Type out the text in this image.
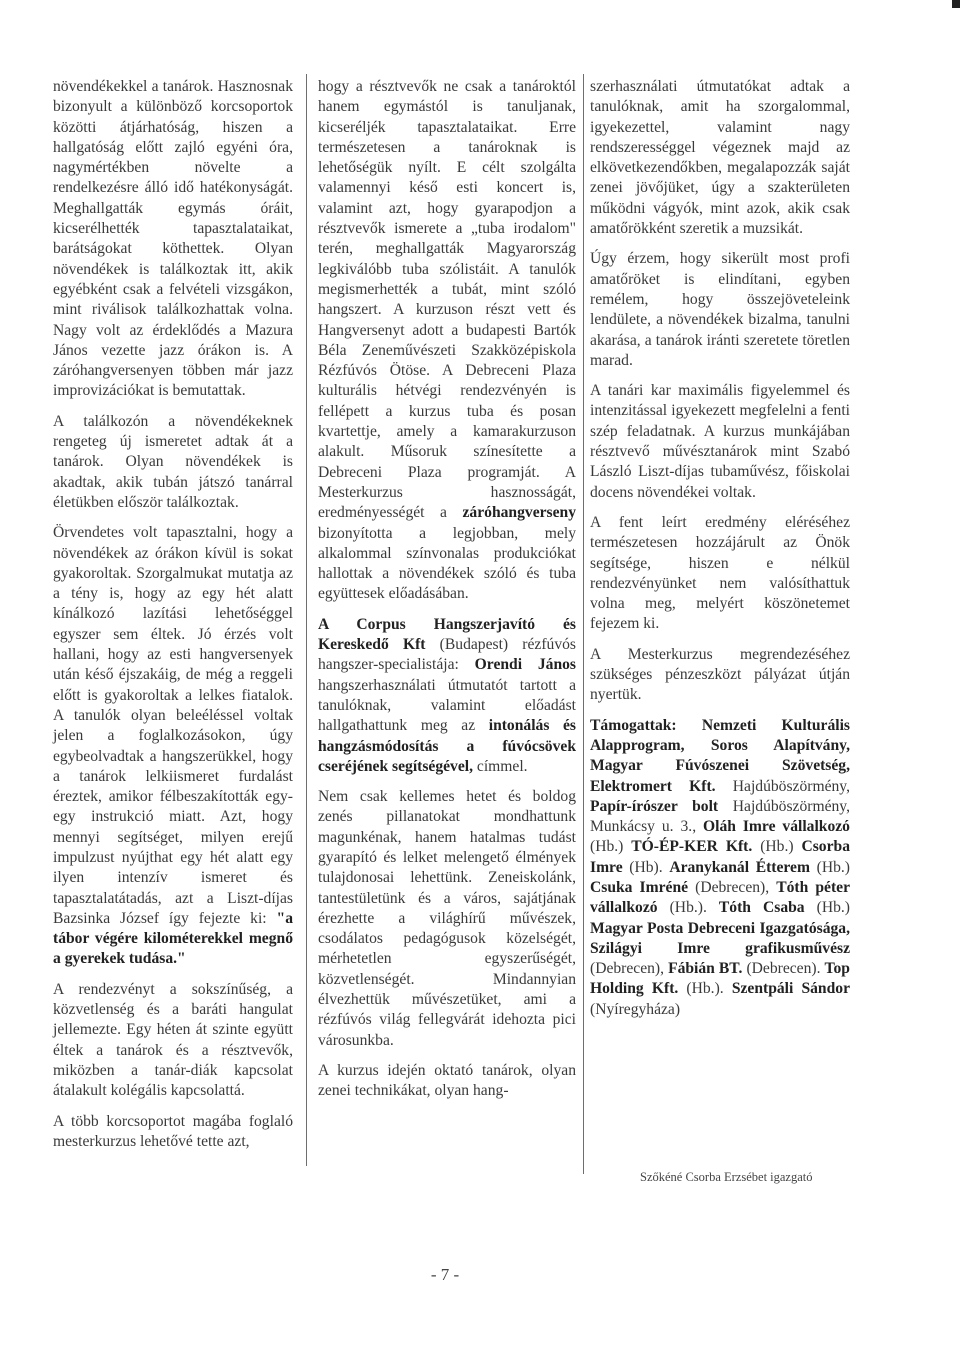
növendékekkel a tanárok. Hasznosnak bizonyult a különböző korcsoportok közötti átjárhatóság, hiszen a hallgatóság előtt zajló egyéni óra, nagymértékben növelte a rendelkezésre álló idő hatékonyságát. Meghallgatták egymás óráit, kicserélhették tapasztalataikat, barátságokat köthettek. Olyan növendékek is találkoztak itt, akik egyébként csak a felvételi vizsgákon, mint riválisok találkozhattak volna. Nagy volt az érdeklődés a Mazura János vezette jazz órákon is. A záróhangversenyen többen már jazz improvizációkat is bemutattak.

A találkozón a növendékeknek rengeteg új ismeretet adtak át a tanárok. Olyan növendékek is akadtak, akik tubán játszó tanárral életükben először találkoztak.

Örvendetes volt tapasztalni, hogy a növendékek az órákon kívül is sokat gyakoroltak. Szorgalmukat mutatja az a tény is, hogy az egy hét alatt kínálkozó lazítási lehetőséggel egyszer sem éltek. Jó érzés volt hallani, hogy az esti hangversenyek után késő éjszakáig, de még a reggeli előtt is gyakoroltak a lelkes fiatalok. A tanulók olyan beleéléssel voltak jelen a foglalkozásokon, úgy egybeolvadtak a hangszerükkel, hogy a tanárok lelkiismeret furdalást éreztek, amikor félbeszakították egy-egy instrukció miatt. Azt, hogy mennyi segítséget, milyen erejű impulzust nyújthat egy hét alatt egy ilyen intenzív ismeret és tapasztalatátadás, azt a Liszt-díjas Bazsinka József így fejezte ki: "a tábor végére kilométerekkel megnő a gyerekek tudása."

A rendezvényt a sokszínűség, a közvetlenség és a baráti hangulat jellemezte. Egy héten át szinte együtt éltek a tanárok és a résztvevők, miközben a tanár-diák kapcsolat átalakult kolégális kapcsolattá.

A több korcsoportot magába foglaló mesterkurzus lehetővé tette azt,

hogy a résztvevők ne csak a tanároktól hanem egymástól is tanuljanak, kicseréljék tapasztalataikat. Erre természetesen a tanároknak is lehetőségük nyílt. E célt szolgálta valamennyi késő esti koncert is, valamint azt, hogy gyarapodjon a résztvevők ismerete a „tuba irodalom" terén, meghallgatták Magyarország legkiválóbb tuba szólistáit. A tanulók megismerhették a tubát, mint szóló hangszert. A kurzuson részt vett és Hangversenyt adott a budapesti Bartók Béla Zeneművészeti Szakközépiskola Rézfúvós Ötöse. A Debreceni Plaza kulturális hétvégi rendezvényén is fellépett a kurzus tuba és posan kvartettje, amely a kamarakurzuson alakult. Műsoruk színesítette a Debreceni Plaza programját. A Mesterkurzus hasznosságát, eredményességét a záróhangverseny bizonyította a legjobban, mely alkalommal színvonalas produkciókat hallottak a növendékek szóló és tuba együttesek előadásában.

A Corpus Hangszerjavító és Kereskedő Kft (Budapest) rézfúvós hangszer-specialistája: Orendi János hangszerhasználati útmutatót tartott a tanulóknak, valamint előadást hallgathattunk meg az intonálás és hangzásmódosítás a fúvócsövek cseréjének segítségével, címmel.

Nem csak kellemes hetet és boldog zenés pillanatokat mondhattunk magunkénak, hanem hatalmas tudást gyarapító és lelket melengető élmények tulajdonosai lehettünk. Zeneiskolánk, tantestületünk és a város, sajátjának érezhette a világhírű művészek, csodálatos pedagógusok közelségét, mérhetetlen egyszerűségét, közvetlenségét. Mindannyian élvezhettük művészetüket, ami a rézfúvós világ fellegvárát idehozta pici városunkba.

A kurzus idején oktató tanárok, olyan zenei technikákat, olyan hang-

szerhasználati útmutatókat adtak a tanulóknak, amit ha szorgalommal, igyekezettel, valamint nagy rendszerességgel végeznek majd az elkövetkezendőkben, megalapozzák saját zenei jövőjüket, úgy a szakterületen működni vágyók, mint azok, akik csak amatőrökként szeretik a muzsikát.

Úgy érzem, hogy sikerült most profi amatőröket is elindítani, egyben remélem, hogy összejöveteleink lendülete, a növendékek bizalma, tanulni akarása, a tanárok iránti szeretete töretlen marad.

A tanári kar maximális figyelemmel és intenzitással igyekezett megfelelni a fenti szép feladatnak. A kurzus munkájában résztvevő művésztanárok mint Szabó László Liszt-díjas tubaművész, főiskolai docens növendékei voltak.

A fent leírt eredmény eléréséhez természetesen hozzájárult az Önök segítsége, hiszen e nélkül rendezvényünket nem valósíthattuk volna meg, melyért köszönetemet fejezem ki.

A Mesterkurzus megrendezéséhez szükséges pénzeszközt pályázat útján nyertük.

Támogattak: Nemzeti Kulturális Alapprogram, Soros Alapítvány, Magyar Fúvószenei Szövetség, Elektromert Kft. Hajdúböszörmény, Papír-írószer bolt Hajdúböszörmény, Munkácsy u. 3., Oláh Imre vállalkozó (Hb.) TÓ-ÉP-KER Kft. (Hb.) Csorba Imre (Hb). Aranykanál Étterem (Hb.) Csuka Imréné (Debrecen), Tóth péter vállalkozó (Hb.). Tóth Csaba (Hb.) Magyar Posta Debreceni Igazgatósága, Szilágyi Imre grafikusművész (Debrecen), Fábián BT. (Debrecen). Top Holding Kft. (Hb.). Szentpáli Sándor (Nyíregyháza)

Szőkéné Csorba Erzsébet igazgató
- 7 -
